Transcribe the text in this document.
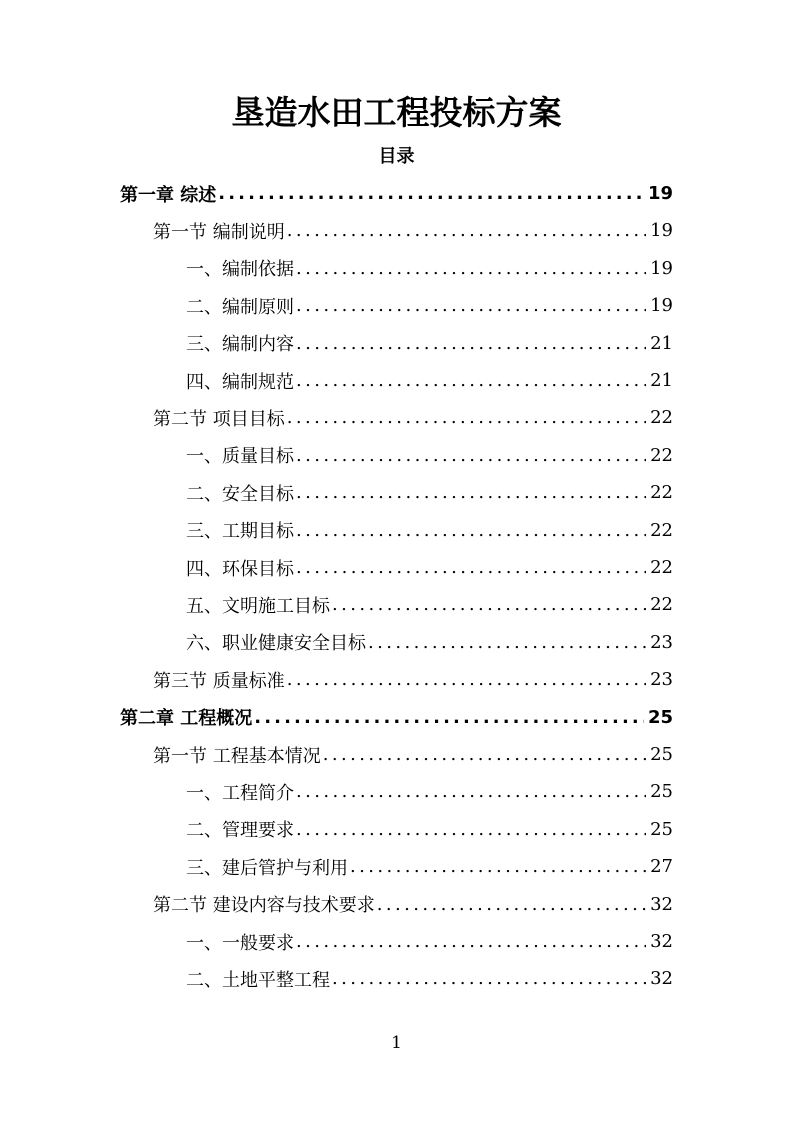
垦造水田工程投标方案
目录
第一章 综述 .....	19
第一节 编制说明 .....	19
一、编制依据 .....	19
二、编制原则 .....	19
三、编制内容 .....	21
四、编制规范 .....	21
第二节 项目目标 .....	22
一、质量目标 .....	22
二、安全目标 .....	22
三、工期目标 .....	22
四、环保目标 .....	22
五、文明施工目标 .....	22
六、职业健康安全目标 .....	23
第三节 质量标准 .....	23
第二章 工程概况 .....	25
第一节 工程基本情况 .....	25
一、工程简介 .....	25
二、管理要求 .....	25
三、建后管护与利用 .....	27
第二节 建设内容与技术要求 .....	32
一、一般要求 .....	32
二、土地平整工程 .....	32
1
